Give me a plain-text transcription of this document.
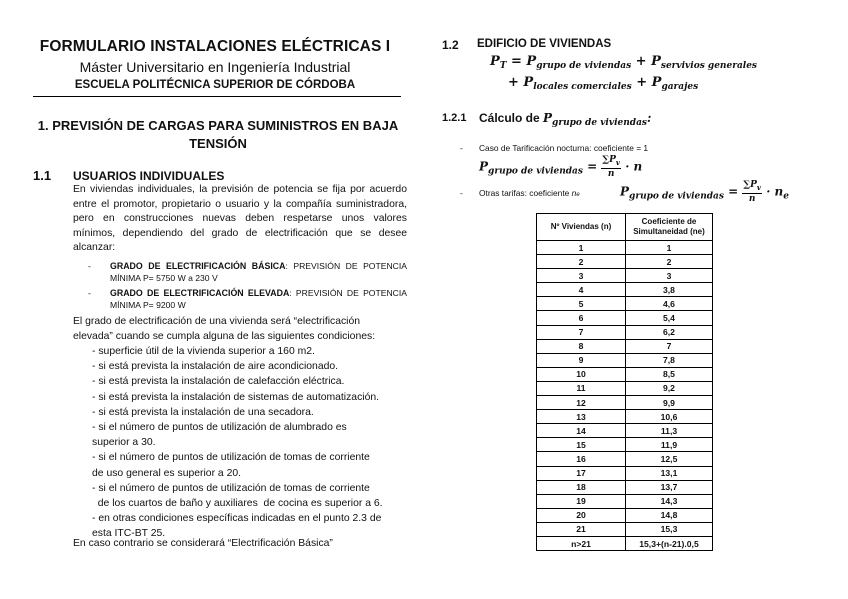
FORMULARIO INSTALACIONES ELÉCTRICAS I
Máster Universitario en Ingeniería Industrial
ESCUELA POLITÉCNICA SUPERIOR DE CÓRDOBA
1. PREVISIÓN DE CARGAS PARA SUMINISTROS EN BAJA
TENSIÓN
1.1 USUARIOS INDIVIDUALES
En viviendas individuales, la previsión de potencia se fija por acuerdo entre el promotor, propietario o usuario y la compañía suministradora, pero en construcciones nuevas deben respetarse unos valores mínimos, dependiendo del grado de electrificación que se desee alcanzar:
- GRADO DE ELECTRIFICACIÓN BÁSICA: PREVISIÓN DE POTENCIA MÍNIMA P= 5750 W a 230 V
- GRADO DE ELECTRIFICACIÓN ELEVADA: PREVISIÓN DE POTENCIA MÍNIMA P= 9200 W
El grado de electrificación de una vivienda será “electrificación
elevada” cuando se cumpla alguna de las siguientes condiciones:
- superficie útil de la vivienda superior a 160 m2.
- si está prevista la instalación de aire acondicionado.
- si está prevista la instalación de calefacción eléctrica.
- si está prevista la instalación de sistemas de automatización.
- si está prevista la instalación de una secadora.
- si el número de puntos de utilización de alumbrado es
superior a 30.
- si el número de puntos de utilización de tomas de corriente
de uso general es superior a 20.
- si el número de puntos de utilización de tomas de corriente
de los cuartos de baño y auxiliares  de cocina es superior a 6.
- en otras condiciones específicas indicadas en el punto 2.3 de
esta ITC-BT 25.
En caso contrario se considerará “Electrificación Básica”
1.2 EDIFICIO DE VIVIENDAS
$P_T = P_{grupo de viviendas} + P_{servivios generales}$
+ $P_{locales comerciales} + P_{garajes}$
1.2.1 Cálculo de $P_{grupo de viviendas}$:
- Caso de Tarificación nocturna: coeficiente = 1
$P_{grupo de viviendas} = \frac{\sum P_v}{n} \cdot n$
- Otras tarifas: coeficiente ne	$P_{grupo de viviendas} = \frac{\sum P_v}{n} \cdot n_e$
Nº Viviendas (n)	Coeficiente de Simultaneidad (ne)
1	1
2	2
3	3
4	3,8
5	4,6
6	5,4
7	6,2
8	7
9	7,8
10	8,5
11	9,2
12	9,9
13	10,6
14	11,3
15	11,9
16	12,5
17	13,1
18	13,7
19	14,3
20	14,8
21	15,3
n>21	15,3+(n-21).0,5
